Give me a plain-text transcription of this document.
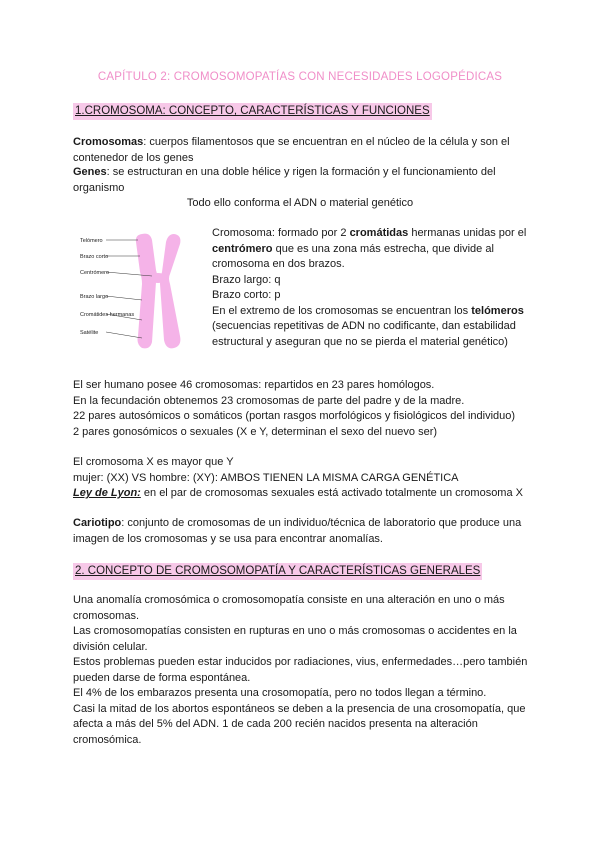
CAPÍTULO 2: CROMOSOMOPATÍAS CON NECESIDADES LOGOPÉDICAS
1.CROMOSOMA: CONCEPTO, CARACTERÍSTICAS Y FUNCIONES

Cromosomas: cuerpos filamentosos que se encuentran en el núcleo de la célula y son el contenedor de los genes

Genes: se estructuran en una doble hélice y rigen la formación y el funcionamiento del organismo

Todo ello conforma el ADN o material genético
Telómero
Brazo corto
Centrómero
Brazo largo
Cromátides hermanas
Satélite
Cromosoma: formado por 2 cromátidas hermanas unidas por el centrómero que es una zona más estrecha, que divide al cromosoma en dos brazos.
Brazo largo: q
Brazo corto: p
En el extremo de los cromosomas se encuentran los telómeros (secuencias repetitivas de ADN no codificante, dan estabilidad estructural y aseguran que no se pierda el material genético)
El ser humano posee 46 cromosomas: repartidos en 23 pares homólogos.
En la fecundación obtenemos 23 cromosomas de parte del padre y de la madre.
22 pares autosómicos o somáticos (portan rasgos morfológicos y fisiológicos del individuo)
2 pares gonosómicos o sexuales (X e Y, determinan el sexo del nuevo ser)
El cromosoma X es mayor que Y
mujer: (XX) VS hombre: (XY): AMBOS TIENEN LA MISMA CARGA GENÉTICA
Ley de Lyon: en el par de cromosomas sexuales está activado totalmente un cromosoma X

Cariotipo: conjunto de cromosomas de un individuo/técnica de laboratorio que produce una imagen de los cromosomas y se usa para encontrar anomalías.

2. CONCEPTO DE CROMOSOMOPATÍA Y CARACTERÍSTICAS GENERALES
Una anomalía cromosómica o cromosomopatía consiste en una alteración en uno o más cromosomas.
Las cromosomopatías consisten en rupturas en uno o más cromosomas o accidentes en la división celular.
Estos problemas pueden estar inducidos por radiaciones, vius, enfermedades…pero también pueden darse de forma espontánea.
El 4% de los embarazos presenta una crosomopatía, pero no todos llegan a término.
Casi la mitad de los abortos espontáneos se deben a la presencia de una crosomopatía, que afecta a más del 5% del ADN. 1 de cada 200 recién nacidos presenta na alteración cromosómica.
